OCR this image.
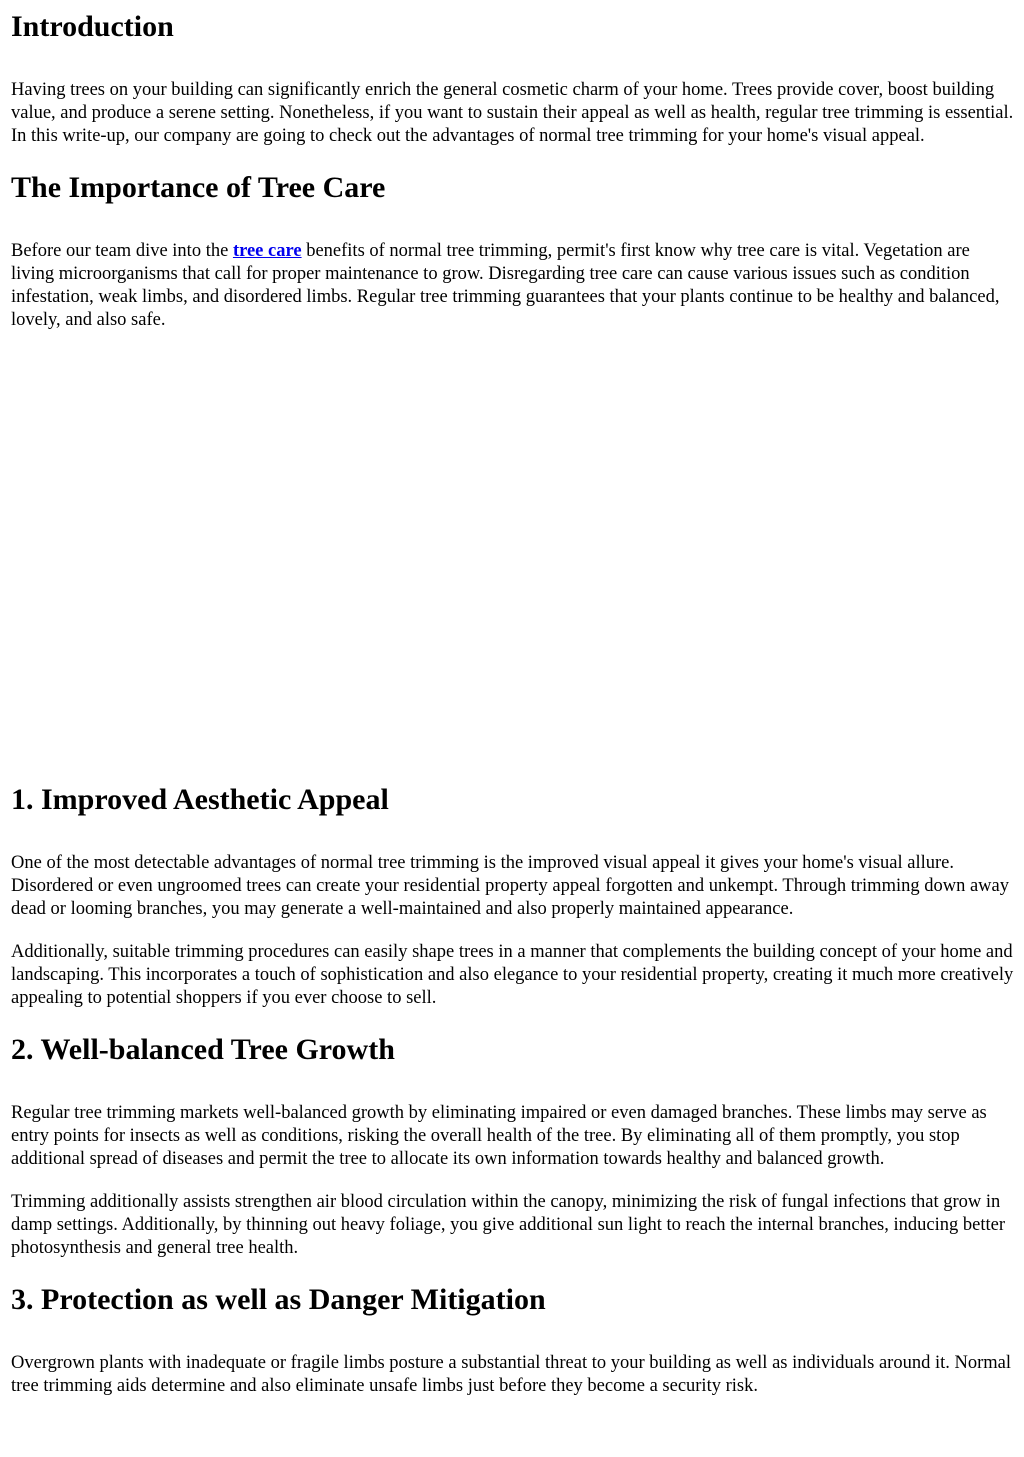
Introduction

Having trees on your building can significantly enrich the general cosmetic charm of your home. Trees provide cover, boost building value, and produce a serene setting. Nonetheless, if you want to sustain their appeal as well as health, regular tree trimming is essential. In this write-up, our company are going to check out the advantages of normal tree trimming for your home's visual appeal.

The Importance of Tree Care

Before our team dive into the tree care benefits of normal tree trimming, permit's first know why tree care is vital. Vegetation are living microorganisms that call for proper maintenance to grow. Disregarding tree care can cause various issues such as condition infestation, weak limbs, and disordered limbs. Regular tree trimming guarantees that your plants continue to be healthy and balanced, lovely, and also safe.

1. Improved Aesthetic Appeal

One of the most detectable advantages of normal tree trimming is the improved visual appeal it gives your home's visual allure. Disordered or even ungroomed trees can create your residential property appeal forgotten and unkempt. Through trimming down away dead or looming branches, you may generate a well-maintained and also properly maintained appearance.

Additionally, suitable trimming procedures can easily shape trees in a manner that complements the building concept of your home and landscaping. This incorporates a touch of sophistication and also elegance to your residential property, creating it much more creatively appealing to potential shoppers if you ever choose to sell.

2. Well-balanced Tree Growth

Regular tree trimming markets well-balanced growth by eliminating impaired or even damaged branches. These limbs may serve as entry points for insects as well as conditions, risking the overall health of the tree. By eliminating all of them promptly, you stop additional spread of diseases and permit the tree to allocate its own information towards healthy and balanced growth.

Trimming additionally assists strengthen air blood circulation within the canopy, minimizing the risk of fungal infections that grow in damp settings. Additionally, by thinning out heavy foliage, you give additional sun light to reach the internal branches, inducing better photosynthesis and general tree health.

3. Protection as well as Danger Mitigation

Overgrown plants with inadequate or fragile limbs posture a substantial threat to your building as well as individuals around it. Normal tree trimming aids determine and also eliminate unsafe limbs just before they become a security risk.
